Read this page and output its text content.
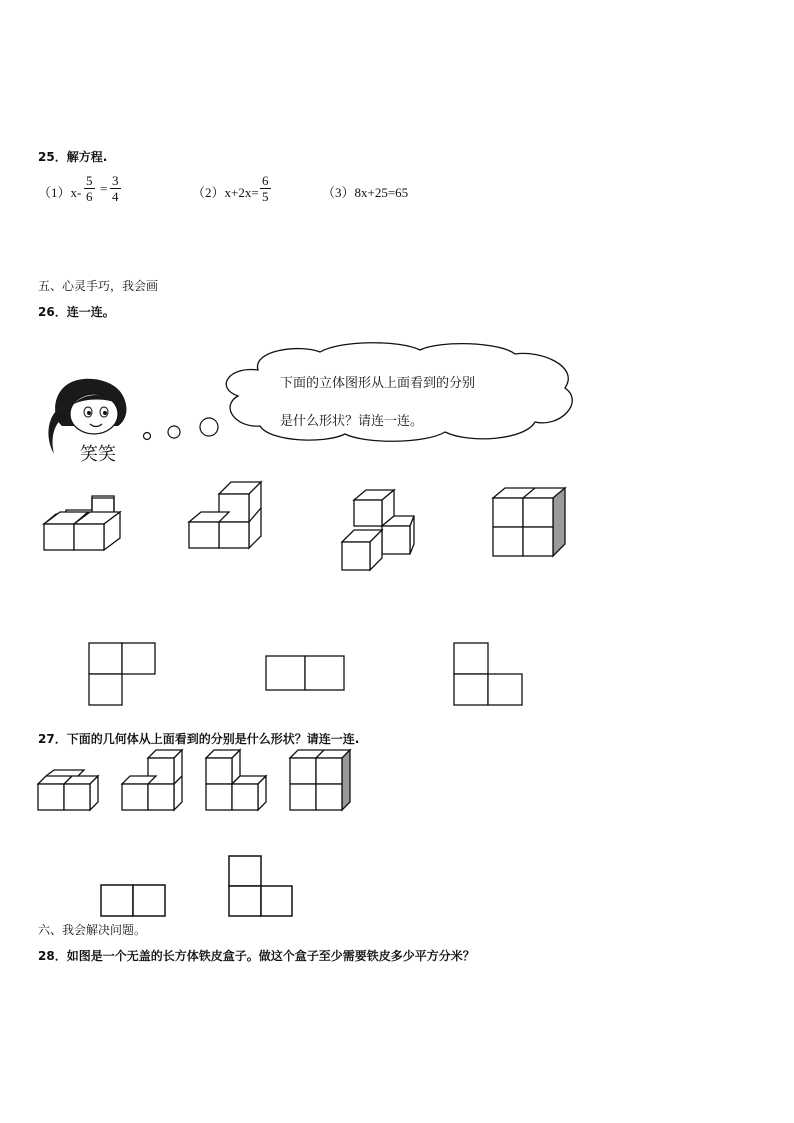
25．解方程.
$(1)x- \frac{5}{6} = \frac{3}{4}$	$(2)x+2x= \frac{6}{5}$	（3）8x+25=65
五、心灵手巧，我会画
26．连一连。
下面的立体图形从上面看到的分别
是什么形状？请连一连。
笑笑
27．下面的几何体从上面看到的分别是什么形状？请连一连.
六、我会解决问题。
28．如图是一个无盖的长方体铁皮盒子。做这个盒子至少需要铁皮多少平方分米？
